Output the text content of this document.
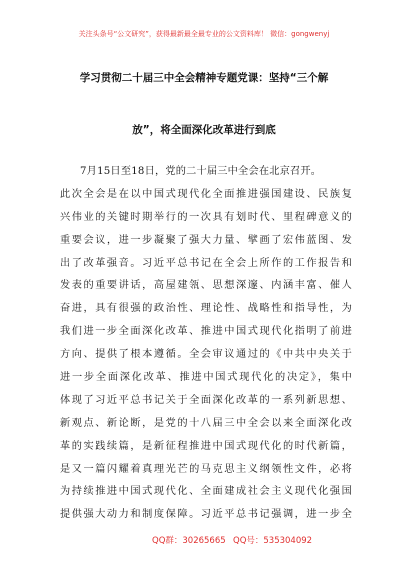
关注头条号“公文研究”，获得最新最全最专业的公文资料库！ 微信：gongwenyj
学习贯彻二十届三中全会精神专题党课：坚持“三个解
放”，将全面深化改革进行到底
7月15日至18日，党的二十届三中全会在北京召开。
此次全会是在以中国式现代化全面推进强国建设、民族复
兴伟业的关键时期举行的一次具有划时代、里程碑意义的
重要会议，进一步凝聚了强大力量、擘画了宏伟蓝图、发
出了改革强音。习近平总书记在全会上所作的工作报告和
发表的重要讲话，高屋建瓴、思想深邃、内涵丰富、催人
奋进，具有很强的政治性、理论性、战略性和指导性，为
我们进一步全面深化改革、推进中国式现代化指明了前进
方向、提供了根本遵循。全会审议通过的《中共中央关于
进一步全面深化改革、推进中国式现代化的决定》，集中
体现了习近平总书记关于全面深化改革的一系列新思想、
新观点、新论断，是党的十八届三中全会以来全面深化改
革的实践续篇，是新征程推进中国式现代化的时代新篇，
是又一篇闪耀着真理光芒的马克思主义纲领性文件，必将
为持续推进中国式现代化、全面建成社会主义现代化强国
提供强大动力和制度保障。习近平总书记强调，进一步全
QQ群：30265665 QQ号：535304092
